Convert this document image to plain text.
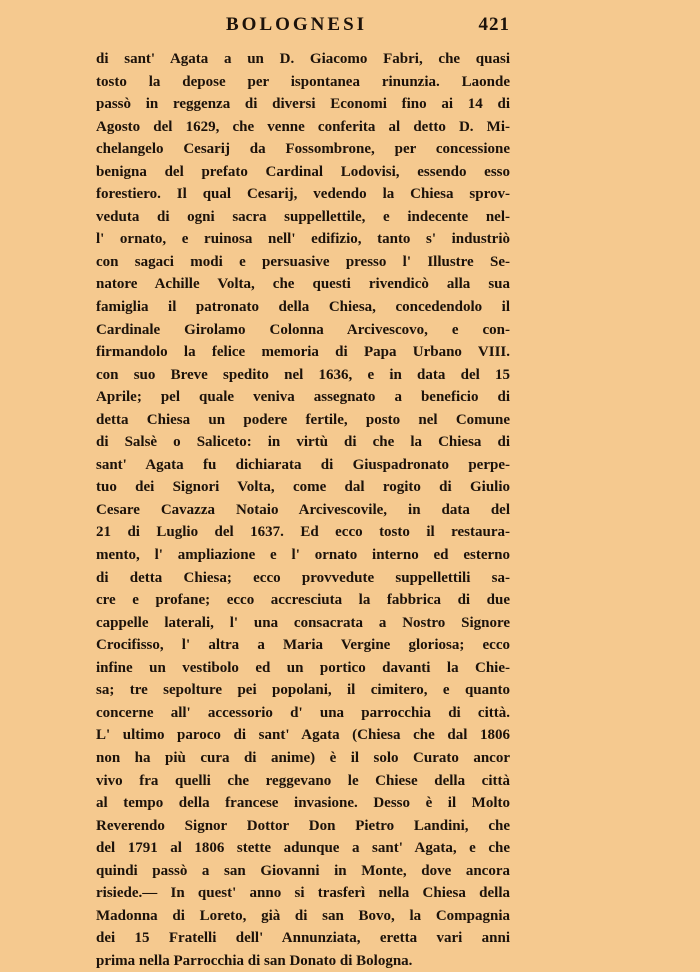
BOLOGNESI	421
di sant' Agata a un D. Giacomo Fabri, che quasi
tosto la depose per ispontanea rinunzia. Laonde
passò in reggenza di diversi Economi fino ai 14 di
Agosto del 1629, che venne conferita al detto D. Mi-
chelangelo Cesarij da Fossombrone, per concessione
benigna del prefato Cardinal Lodovisi, essendo esso
forestiero. Il qual Cesarij, vedendo la Chiesa sprov-
veduta di ogni sacra suppellettile, e indecente nel-
l' ornato, e ruinosa nell' edifizio, tanto s' industriò
con sagaci modi e persuasive presso l' Illustre Se-
natore Achille Volta, che questi rivendicò alla sua
famiglia il patronato della Chiesa, concedendolo il
Cardinale Girolamo Colonna Arcivescovo, e con-
firmandolo la felice memoria di Papa Urbano VIII.
con suo Breve spedito nel 1636, e in data del 15
Aprile; pel quale veniva assegnato a beneficio di
detta Chiesa un podere fertile, posto nel Comune
di Salsè o Saliceto: in virtù di che la Chiesa di
sant' Agata fu dichiarata di Giuspadronato perpe-
tuo dei Signori Volta, come dal rogito di Giulio
Cesare Cavazza Notaio Arcivescovile, in data del
21 di Luglio del 1637. Ed ecco tosto il restaura-
mento, l' ampliazione e l' ornato interno ed esterno
di detta Chiesa; ecco provvedute suppellettili sa-
cre e profane; ecco accresciuta la fabbrica di due
cappelle laterali, l' una consacrata a Nostro Signore
Crocifisso, l' altra a Maria Vergine gloriosa; ecco
infine un vestibolo ed un portico davanti la Chie-
sa; tre sepolture pei popolani, il cimitero, e quanto
concerne all' accessorio d' una parrocchia di città.
L' ultimo paroco di sant' Agata (Chiesa che dal 1806
non ha più cura di anime) è il solo Curato ancor
vivo fra quelli che reggevano le Chiese della città
al tempo della francese invasione. Desso è il Molto
Reverendo Signor Dottor Don Pietro Landini, che
del 1791 al 1806 stette adunque a sant' Agata, e che
quindi passò a san Giovanni in Monte, dove ancora
risiede.— In quest' anno si trasferì nella Chiesa della
Madonna di Loreto, già di san Bovo, la Compagnia
dei 15 Fratelli dell' Annunziata, eretta vari anni
prima nella Parrocchia di san Donato di Bologna.
